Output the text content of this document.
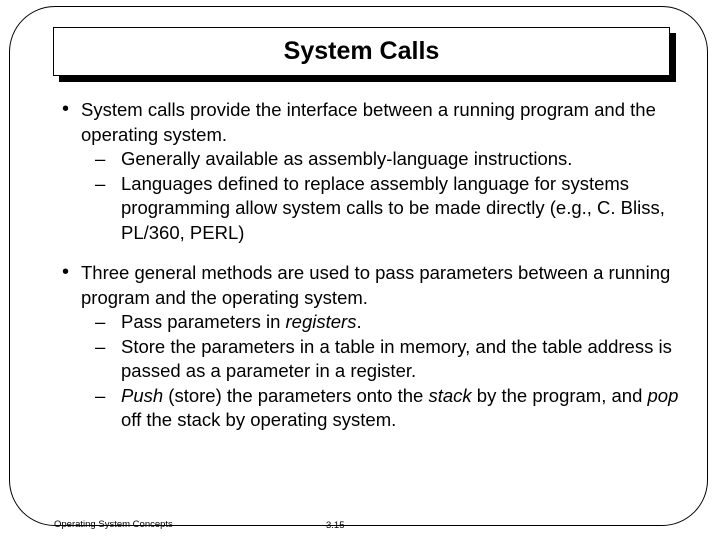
System Calls
• System calls provide the interface between a running program and the operating system.
– Generally available as assembly-language instructions.
– Languages defined to replace assembly language for systems programming allow system calls to be made directly (e.g., C. Bliss, PL/360, PERL)
• Three general methods are used to pass parameters between a running program and the operating system.
– Pass parameters in registers.
– Store the parameters in a table in memory, and the table address is passed as a parameter in a register.
– Push (store) the parameters onto the stack by the program, and pop off the stack by operating system.
Operating System Concepts	3.15
